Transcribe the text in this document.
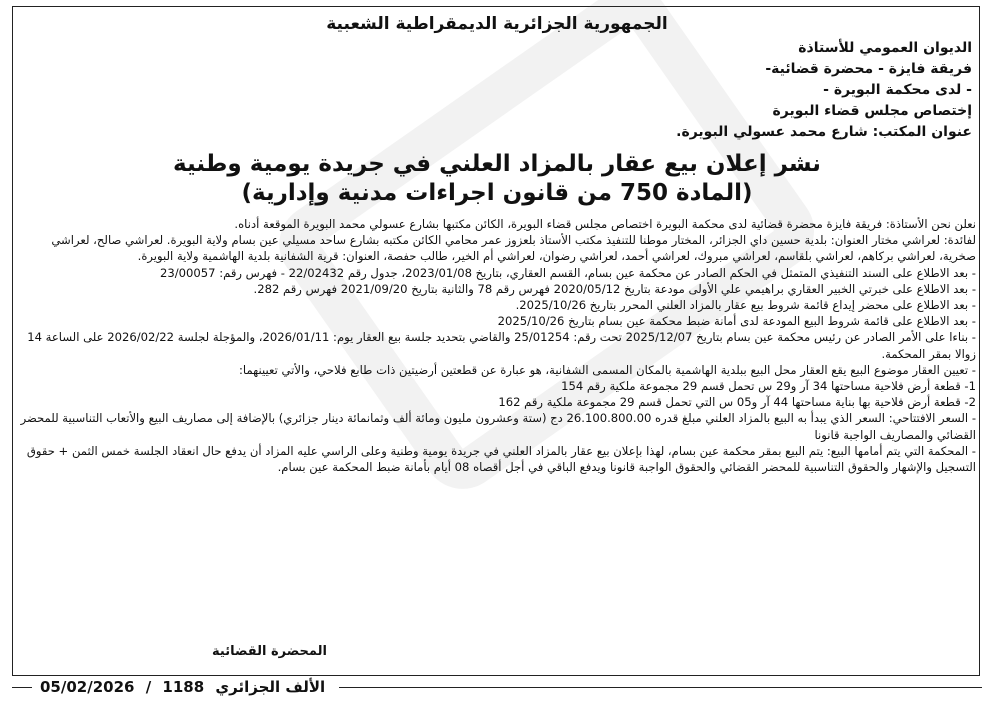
الجمهورية الجزائرية الديمقراطية الشعبية
الديوان العمومي للأستاذة
فريقة فايزة - محضرة قضائية-
- لدى محكمة البويرة -
إختصاص مجلس قضاء البويرة
عنوان المكتب: شارع محمد عسولي البويرة.
نشر إعلان بيع عقار بالمزاد العلني في جريدة يومية وطنية
(المادة 750 من قانون اجراءات مدنية وإدارية)

نعلن نحن الأستاذة: فريقة فايزة محضرة قضائية لدى محكمة البويرة اختصاص مجلس قضاء البويرة، الكائن مكتبها بشارع عسولي محمد البويرة الموقعة أدناه.

لفائدة: لعراشي مختار العنوان: بلدية حسين داي الجزائر، المختار موطنا للتنفيذ مكتب الأستاذ بلعزوز عمر محامي الكائن مكتبه بشارع ساحد مسيلي عين بسام ولاية البويرة. لعراشي صالح، لعراشي صخرية، لعراشي بركاهم، لعراشي بلقاسم، لعراشي مبروك، لعراشي أحمد، لعراشي رضوان، لعراشي أم الخير، طالب حفصة، العنوان: قرية الشفانية بلدية الهاشمية ولاية البويرة.

- بعد الاطلاع على السند التنفيذي المتمثل في الحكم الصادر عن محكمة عين بسام، القسم العقاري، بتاريخ 2023/01/08، جدول رقم 22/02432 - فهرس رقم: 23/00057

- بعد الاطلاع على خبرتي الخبير العقاري براهيمي علي الأولى مودعة بتاريخ 2020/05/12 فهرس رقم 78 والثانية بتاريخ 2021/09/20 فهرس رقم 282.

- بعد الاطلاع على محضر إيداع قائمة شروط بيع عقار بالمزاد العلني المحرر بتاريخ 2025/10/26.

- بعد الاطلاع على قائمة شروط البيع المودعة لدى أمانة ضبط محكمة عين بسام بتاريخ 2025/10/26

- بناءا على الأمر الصادر عن رئيس محكمة عين بسام بتاريخ 2025/12/07 تحت رقم: 25/01254 والقاضي بتحديد جلسة بيع العقار يوم: 2026/01/11، والمؤجلة لجلسة 2026/02/22 على الساعة 14 زوالا بمقر المحكمة.

- تعيين العقار موضوع البيع يقع العقار محل البيع ببلدية الهاشمية بالمكان المسمى الشفانية، هو عبارة عن قطعتين أرضيتين ذات طابع فلاحي، والأتي تعيينهما:

1- قطعة أرض فلاحية مساحتها 34 آر و29 س تحمل قسم 29 مجموعة ملكية رقم 154

2- قطعة أرض فلاحية بها بناية مساحتها 44 آر و05 س التي تحمل قسم 29 مجموعة ملكية رقم 162

- السعر الافتتاحي: السعر الذي يبدأ به البيع بالمزاد العلني مبلغ قدره 26.100.800.00 دج (ستة وعشرون مليون ومائة ألف وثمانمائة دينار جزائري) بالإضافة إلى مصاريف البيع والأتعاب التناسبية للمحضر القضائي والمصاريف الواجبة قانونا

- المحكمة التي يتم أمامها البيع: يتم البيع بمقر محكمة عين بسام، لهذا بإعلان بيع عقار بالمزاد العلني في جريدة يومية وطنية وعلى الراسي عليه المزاد أن يدفع حال انعقاد الجلسة خمس الثمن + حقوق التسجيل والإشهار والحقوق التناسبية للمحضر القضائي والحقوق الواجبة قانونا ويدفع الباقي في أجل أقصاه 08 أيام بأمانة ضبط المحكمة عين بسام.

المحضرة القضائية
05/02/2026 / 1188 الألف الجزائري
